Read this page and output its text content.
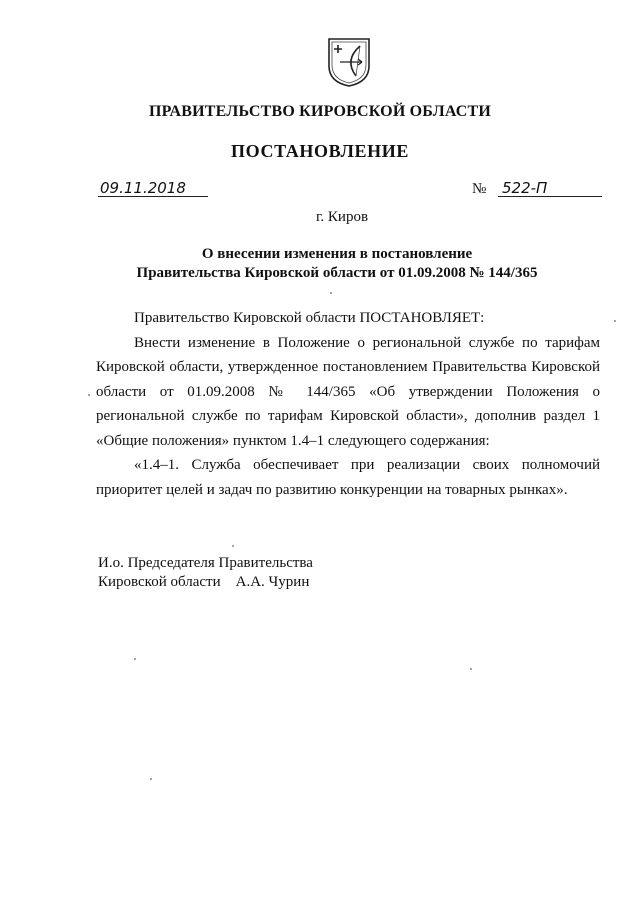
ПРАВИТЕЛЬСТВО КИРОВСКОЙ ОБЛАСТИ
ПОСТАНОВЛЕНИЕ
09.11.2018	№ 522-П
г. Киров
О внесении изменения в постановление
Правительства Кировской области от 01.09.2008 № 144/365

Правительство Кировской области ПОСТАНОВЛЯЕТ:

Внести изменение в Положение о региональной службе по тарифам Кировской области, утвержденное постановлением Правительства Кировской области от 01.09.2008 № 144/365 «Об утверждении Положения о региональной службе по тарифам Кировской области», дополнив раздел 1 «Общие положения» пунктом 1.4–1 следующего содержания:

«1.4–1. Служба обеспечивает при реализации своих полномочий приоритет целей и задач по развитию конкуренции на товарных рынках».

И.о. Председателя Правительства
Кировской области    А.А. Чурин
